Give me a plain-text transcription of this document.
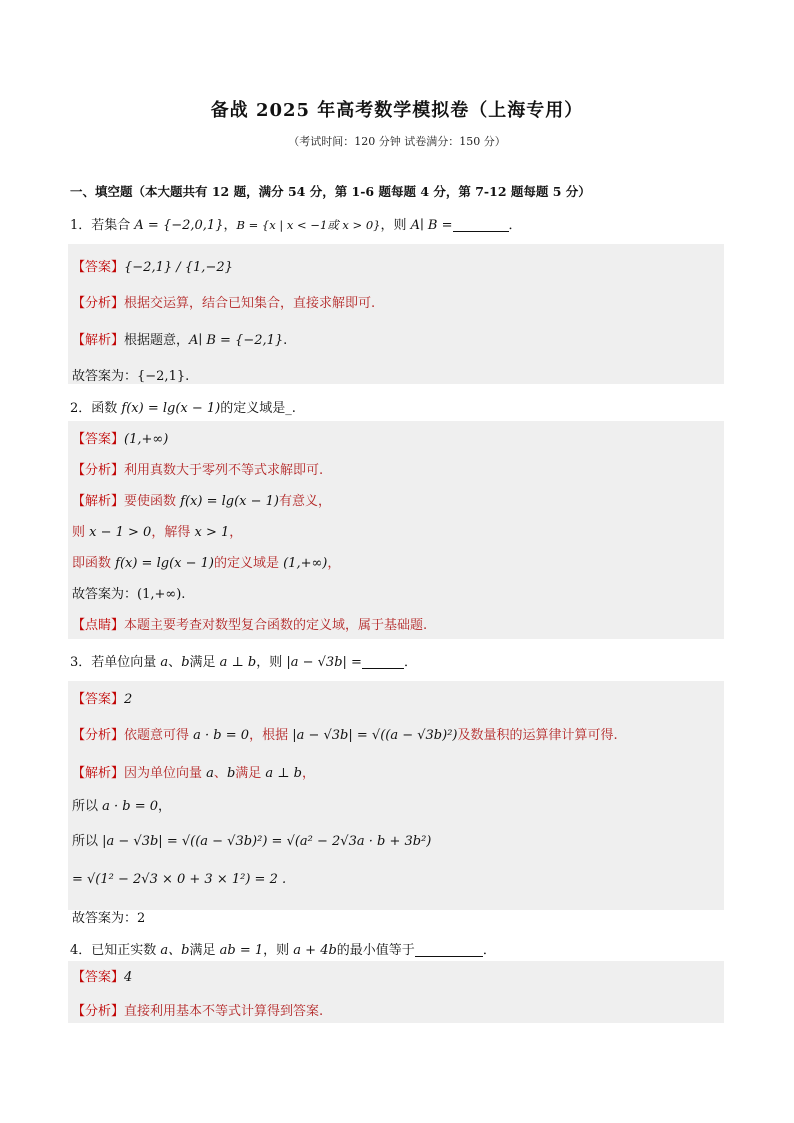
备战 2025 年高考数学模拟卷（上海专用）
（考试时间：120 分钟 试卷满分：150 分）
一、填空题（本大题共有 12 题，满分 54 分，第 1-6 题每题 4 分，第 7-12 题每题 5 分）
1．若集合 A = {−2,0,1}，B = {x | x < −1或 x > 0}，则 A∣ B =	．
【答案】{−2,1} / {1,−2}
【分析】根据交运算，结合已知集合，直接求解即可.
【解析】根据题意，A∣ B = {−2,1}.
故答案为：{−2,1}.
2．函数 f(x) = lg(x − 1)的定义域是_.
【答案】(1,+∞)
【分析】利用真数大于零列不等式求解即可.
【解析】要使函数 f(x) = lg(x − 1)有意义，
则 x − 1 > 0，解得 x > 1，
即函数 f(x) = lg(x − 1)的定义域是 (1,+∞)，
故答案为：(1,+∞).
【点睛】本题主要考查对数型复合函数的定义域，属于基础题.
3．若单位向量 a、b满足 a ⊥ b，则 |a − √3b| =	．
【答案】2
【分析】依题意可得 a · b = 0，根据 |a − √3b| = √((a − √3b)²)及数量积的运算律计算可得.
【解析】因为单位向量 a、b满足 a ⊥ b，
所以 a · b = 0，
所以 |a − √3b| = √((a − √3b)²) = √(a² − 2√3a · b + 3b²)
= √(1² − 2√3 × 0 + 3 × 1²) = 2 .
故答案为：2
4．已知正实数 a、b满足 ab = 1，则 a + 4b的最小值等于	．
【答案】4
【分析】直接利用基本不等式计算得到答案.
